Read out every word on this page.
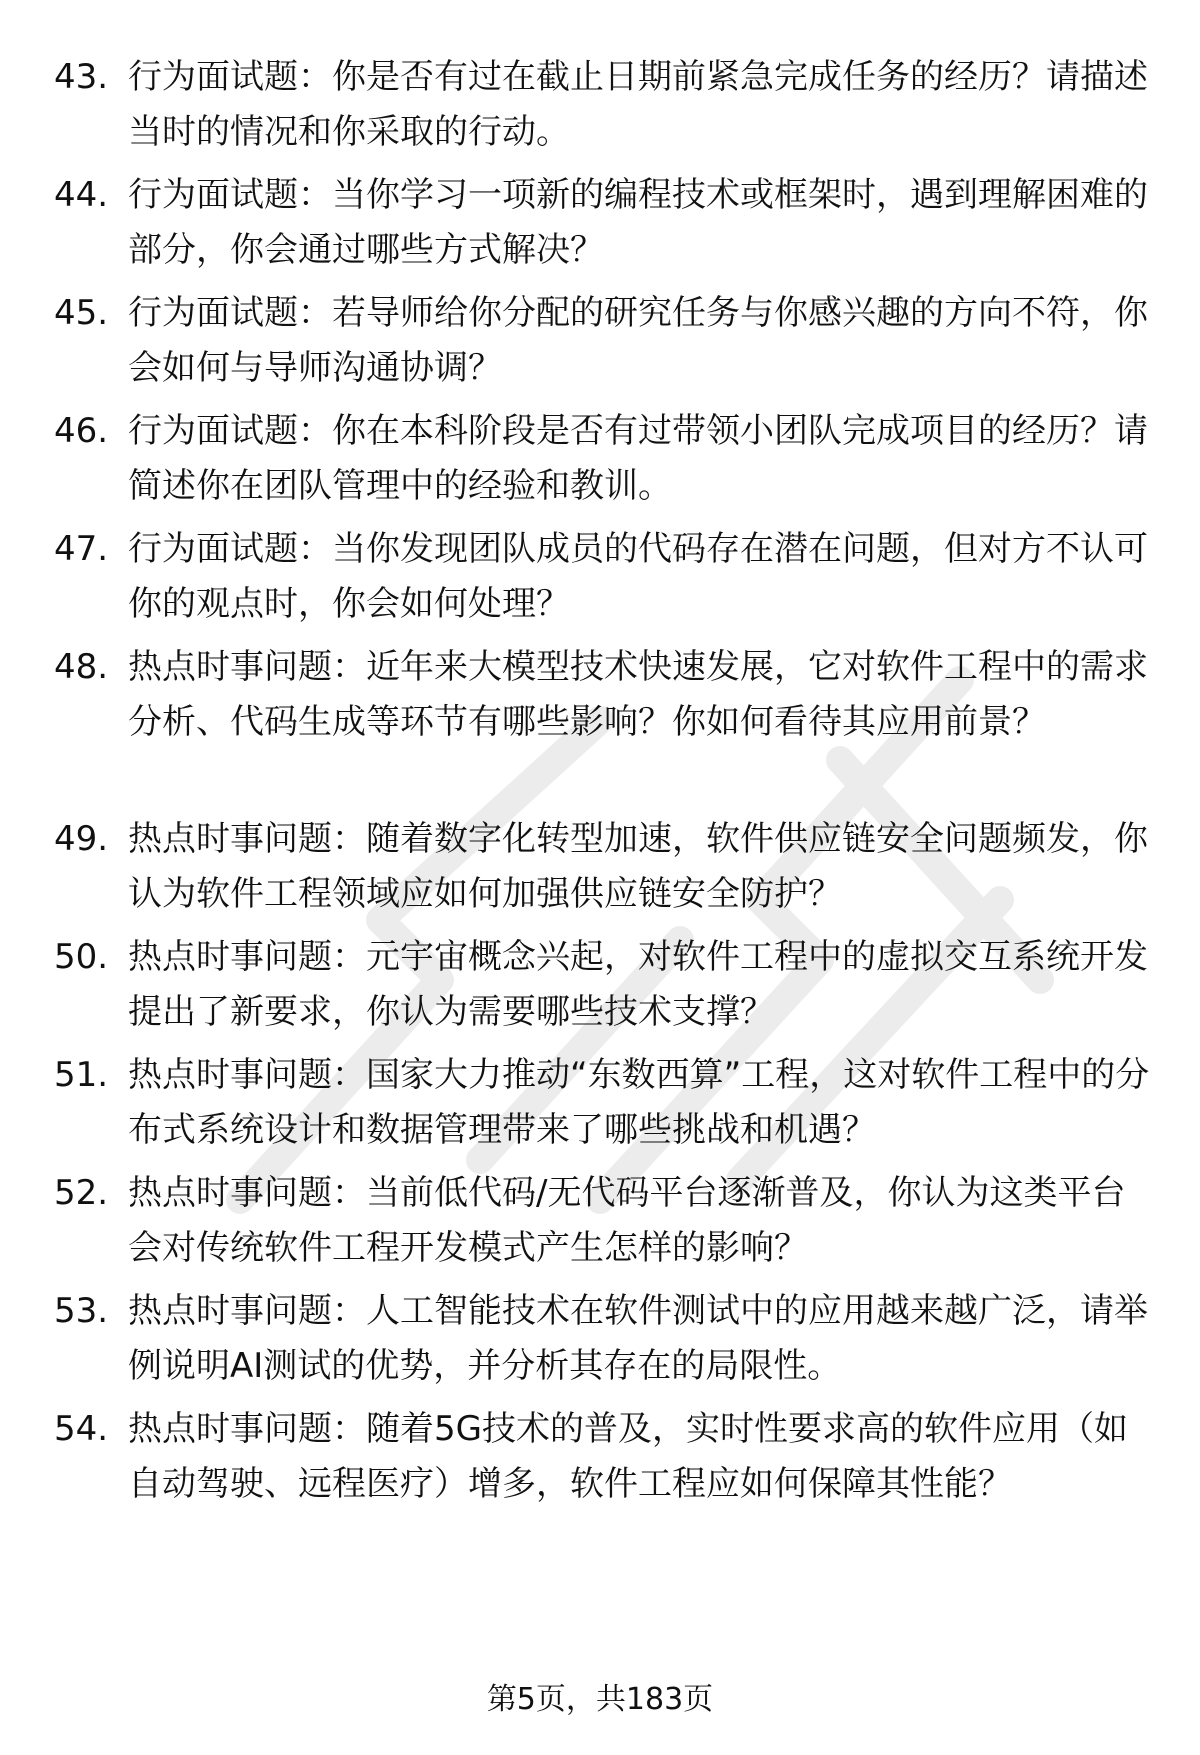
43. 行为面试题：你是否有过在截止日期前紧急完成任务的经历？请描述当时的情况和你采取的行动。
44. 行为面试题：当你学习一项新的编程技术或框架时，遇到理解困难的部分，你会通过哪些方式解决？
45. 行为面试题：若导师给你分配的研究任务与你感兴趣的方向不符，你会如何与导师沟通协调？
46. 行为面试题：你在本科阶段是否有过带领小团队完成项目的经历？请简述你在团队管理中的经验和教训。
47. 行为面试题：当你发现团队成员的代码存在潜在问题，但对方不认可你的观点时，你会如何处理？
48. 热点时事问题：近年来大模型技术快速发展，它对软件工程中的需求分析、代码生成等环节有哪些影响？你如何看待其应用前景？
49. 热点时事问题：随着数字化转型加速，软件供应链安全问题频发，你认为软件工程领域应如何加强供应链安全防护？
50. 热点时事问题：元宇宙概念兴起，对软件工程中的虚拟交互系统开发提出了新要求，你认为需要哪些技术支撑？
51. 热点时事问题：国家大力推动“东数西算”工程，这对软件工程中的分布式系统设计和数据管理带来了哪些挑战和机遇？
52. 热点时事问题：当前低代码/无代码平台逐渐普及，你认为这类平台会对传统软件工程开发模式产生怎样的影响？
53. 热点时事问题：人工智能技术在软件测试中的应用越来越广泛，请举例说明AI测试的优势，并分析其存在的局限性。
54. 热点时事问题：随着5G技术的普及，实时性要求高的软件应用（如自动驾驶、远程医疗）增多，软件工程应如何保障其性能？
第5页，共183页
